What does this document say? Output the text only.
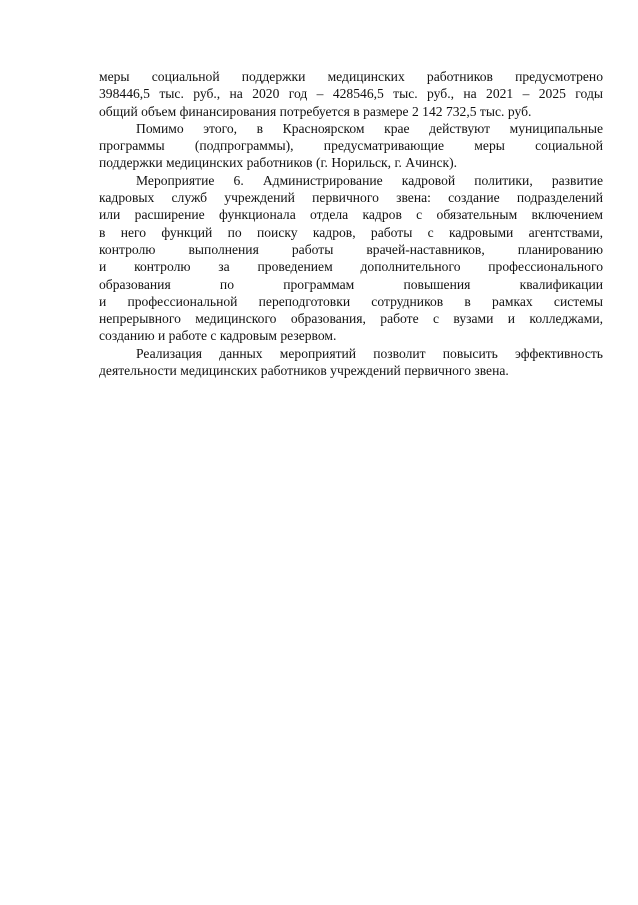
меры социальной поддержки медицинских работников предусмотрено
398446,5 тыс. руб., на 2020 год – 428546,5 тыс. руб., на 2021 – 2025 годы
общий объем финансирования потребуется в размере 2 142 732,5 тыс. руб.
Помимо этого, в Красноярском крае действуют муниципальные
программы (подпрограммы), предусматривающие меры социальной
поддержки медицинских работников (г. Норильск, г. Ачинск).
Мероприятие 6. Администрирование кадровой политики, развитие
кадровых служб учреждений первичного звена: создание подразделений
или расширение функционала отдела кадров с обязательным включением
в него функций по поиску кадров, работы с кадровыми агентствами,
контролю выполнения работы врачей-наставников, планированию
и контролю за проведением дополнительного профессионального
образования по программам повышения квалификации
и профессиональной переподготовки сотрудников в рамках системы
непрерывного медицинского образования, работе с вузами и колледжами,
созданию и работе с кадровым резервом.
Реализация данных мероприятий позволит повысить эффективность
деятельности медицинских работников учреждений первичного звена.
